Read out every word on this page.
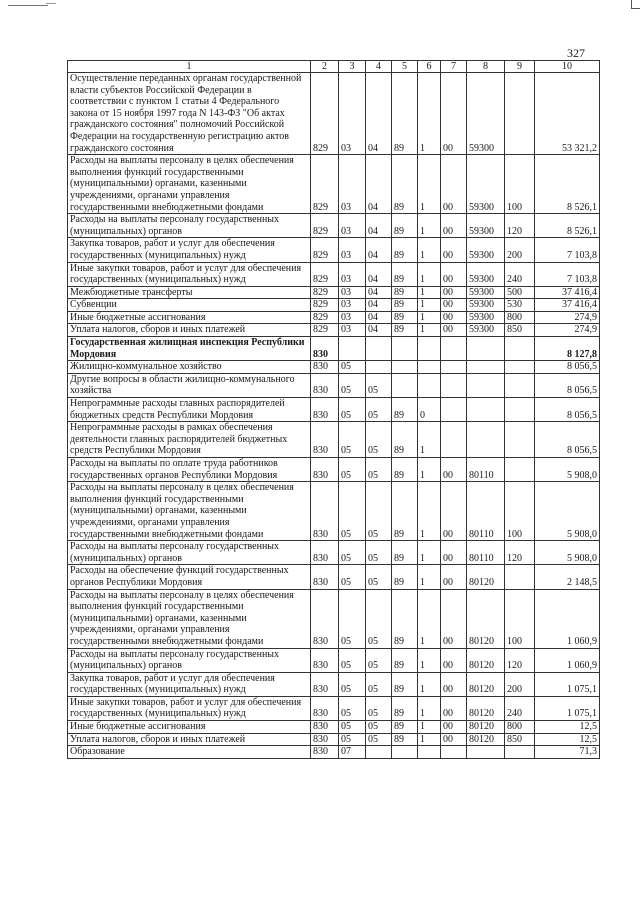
327
1	2	3	4	5	6	7	8	9	10
Осуществление переданных органам государственной власти субъектов Российской Федерации в соответствии с пунктом 1 статьи 4 Федерального закона от 15 ноября 1997 года N 143-ФЗ "Об актах гражданского состояния" полномочий Российской Федерации на государственную регистрацию актов гражданского состояния	829	03	04	89	1	00	59300		53 321,2
Расходы на выплаты персоналу в целях обеспечения выполнения функций государственными (муниципальными) органами, казенными учреждениями, органами управления государственными внебюджетными фондами	829	03	04	89	1	00	59300	100	8 526,1
Расходы на выплаты персоналу государственных (муниципальных) органов	829	03	04	89	1	00	59300	120	8 526,1
Закупка товаров, работ и услуг для обеспечения государственных (муниципальных) нужд	829	03	04	89	1	00	59300	200	7 103,8
Иные закупки товаров, работ и услуг для обеспечения государственных (муниципальных) нужд	829	03	04	89	1	00	59300	240	7 103,8
Межбюджетные трансферты	829	03	04	89	1	00	59300	500	37 416,4
Субвенции	829	03	04	89	1	00	59300	530	37 416,4
Иные бюджетные ассигнования	829	03	04	89	1	00	59300	800	274,9
Уплата налогов, сборов и иных платежей	829	03	04	89	1	00	59300	850	274,9
Государственная жилищная инспекция Республики Мордовия	830								8 127,8
Жилищно-коммунальное хозяйство	830	05							8 056,5
Другие вопросы в области жилищно-коммунального хозяйства	830	05	05						8 056,5
Непрограммные расходы главных распорядителей бюджетных средств Республики Мордовия	830	05	05	89	0				8 056,5
Непрограммные расходы в рамках обеспечения деятельности главных распорядителей бюджетных средств Республики Мордовия	830	05	05	89	1				8 056,5
Расходы на выплаты по оплате труда работников государственных органов Республики Мордовия	830	05	05	89	1	00	80110		5 908,0
Расходы на выплаты персоналу в целях обеспечения выполнения функций государственными (муниципальными) органами, казенными учреждениями, органами управления государственными внебюджетными фондами	830	05	05	89	1	00	80110	100	5 908,0
Расходы на выплаты персоналу государственных (муниципальных) органов	830	05	05	89	1	00	80110	120	5 908,0
Расходы на обеспечение функций государственных органов Республики Мордовия	830	05	05	89	1	00	80120		2 148,5
Расходы на выплаты персоналу в целях обеспечения выполнения функций государственными (муниципальными) органами, казенными учреждениями, органами управления государственными внебюджетными фондами	830	05	05	89	1	00	80120	100	1 060,9
Расходы на выплаты персоналу государственных (муниципальных) органов	830	05	05	89	1	00	80120	120	1 060,9
Закупка товаров, работ и услуг для обеспечения государственных (муниципальных) нужд	830	05	05	89	1	00	80120	200	1 075,1
Иные закупки товаров, работ и услуг для обеспечения государственных (муниципальных) нужд	830	05	05	89	1	00	80120	240	1 075,1
Иные бюджетные ассигнования	830	05	05	89	1	00	80120	800	12,5
Уплата налогов, сборов и иных платежей	830	05	05	89	1	00	80120	850	12,5
Образование	830	07							71,3
